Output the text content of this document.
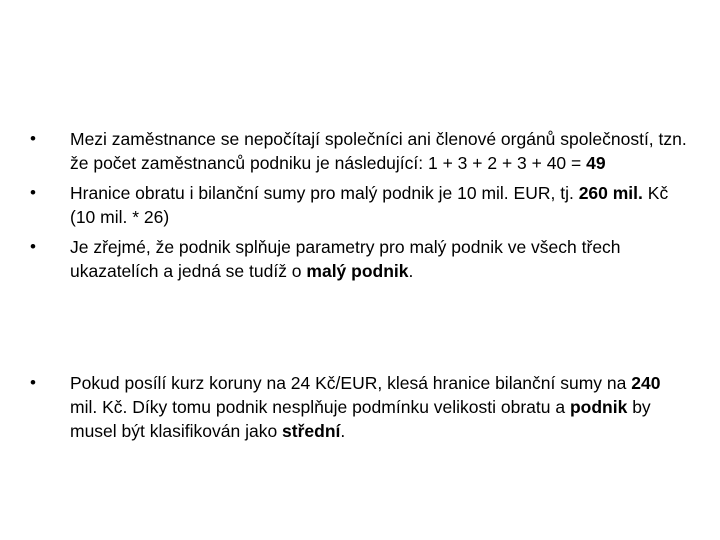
•	Mezi zaměstnance se nepočítají společníci ani členové orgánů společností, tzn. že počet zaměstnanců podniku je následující: 1 + 3 + 2 + 3 + 40 = 49
•	Hranice obratu i bilanční sumy pro malý podnik je 10 mil. EUR, tj. 260 mil. Kč (10 mil. * 26)
•	Je zřejmé, že podnik splňuje parametry pro malý podnik ve všech třech ukazatelích a jedná se tudíž o malý podnik.
•	Pokud posílí kurz koruny na 24 Kč/EUR, klesá hranice bilanční sumy na 240 mil. Kč. Díky tomu podnik nesplňuje podmínku velikosti obratu a podnik by musel být klasifikován jako střední.
